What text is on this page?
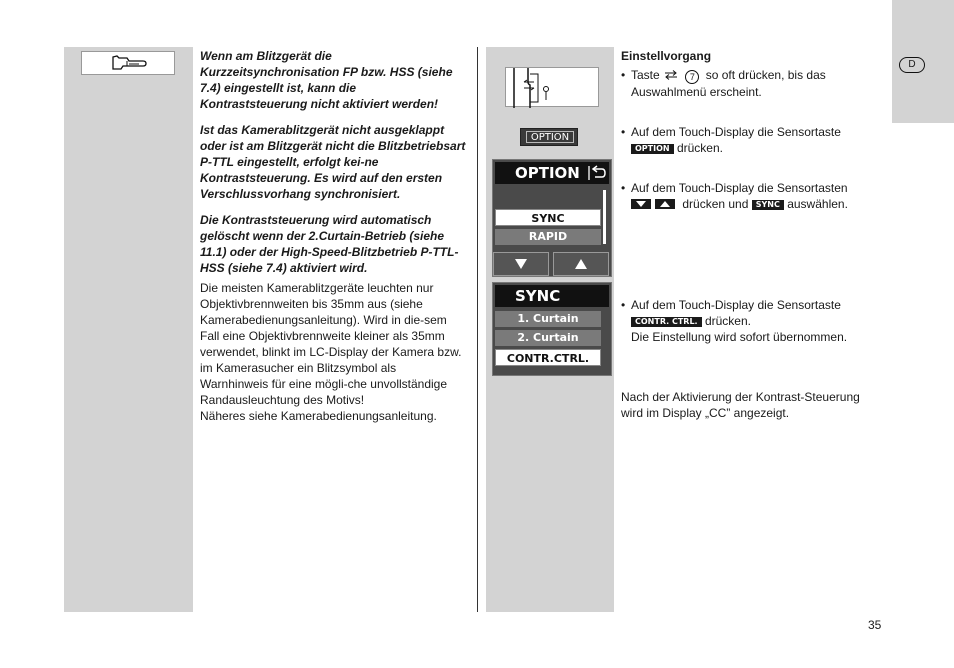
Wenn am Blitzgerät die Kurzzeitsynchronisation FP bzw. HSS (siehe 7.4) eingestellt ist, kann die Kontraststeuerung nicht aktiviert werden!

Ist das Kamerablitzgerät nicht ausgeklappt oder ist am Blitzgerät nicht die Blitzbetriebsart P-TTL eingestellt, erfolgt kei-ne Kontraststeuerung. Es wird auf den ersten Verschlussvorhang synchronisiert.

Die Kontraststeuerung wird automatisch gelöscht wenn der 2.Curtain-Betrieb (siehe 11.1) oder der High-Speed-Blitzbetrieb P-TTL-HSS (siehe 7.4) aktiviert wird.

Die meisten Kamerablitzgeräte leuchten nur Objektivbrennweiten bis 35mm aus (siehe Kamerabedienungsanleitung). Wird in die-sem Fall eine Objektivbrennweite kleiner als 35mm verwendet, blinkt im LC-Display der Kamera bzw. im Kamerasucher ein Blitzsymbol als Warnhinweis für eine mögli-che unvollständige Randausleuchtung des Motivs!

Näheres siehe Kamerabedienungsanleitung.

OPTION
OPTION
SYNC
RAPID
SYNC
1. Curtain
2. Curtain
CONTR.CTRL.
Einstellvorgang
• Taste	7 so oft drücken, bis das Auswahlmenü erscheint.
• Auf dem Touch-Display die Sensortaste
OPTION drücken.
• Auf dem Touch-Display die Sensortasten

drücken und SYNC auswählen.
• Auf dem Touch-Display die Sensortaste
CONTR. CTRL. drücken.
Die Einstellung wird sofort übernommen.
Nach der Aktivierung der Kontrast-Steuerung wird im Display „CC” angezeigt.
D
35
